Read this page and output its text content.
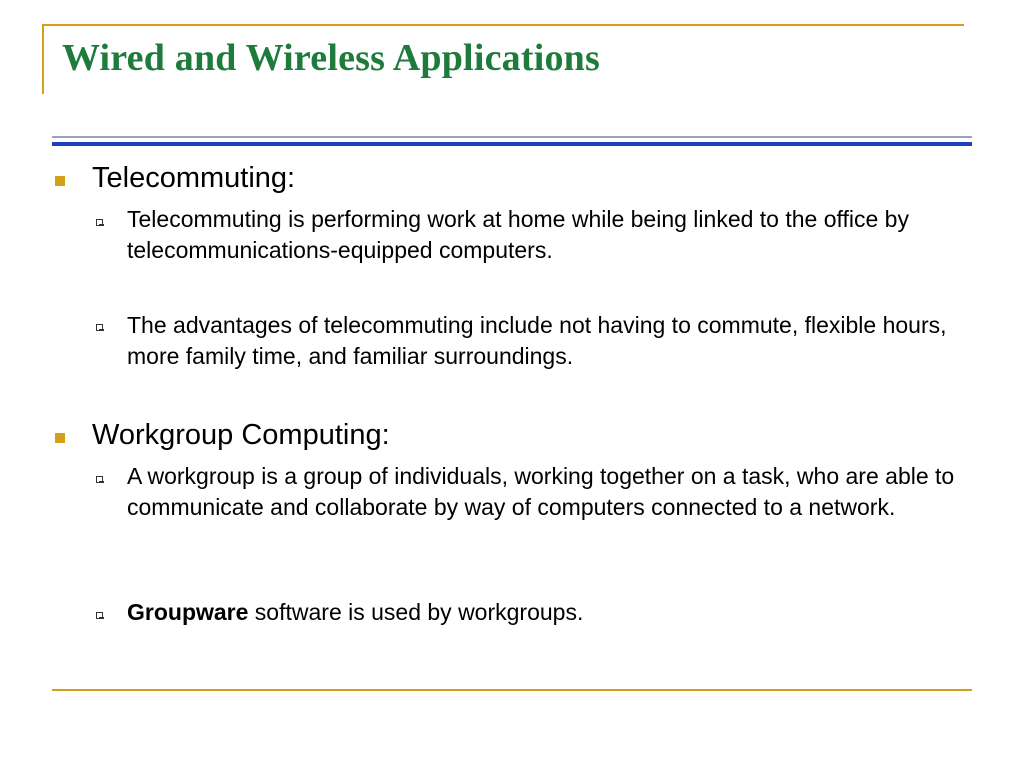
Wired and Wireless Applications
Telecommuting:
Telecommuting is performing work at home while being linked to the office by telecommunications-equipped computers.
The advantages of telecommuting include not having to commute, flexible hours, more family time, and familiar surroundings.
Workgroup Computing:
A workgroup is a group of individuals, working together on a task, who are able to communicate and collaborate by way of computers connected to a network.
Groupware software is used by workgroups.
